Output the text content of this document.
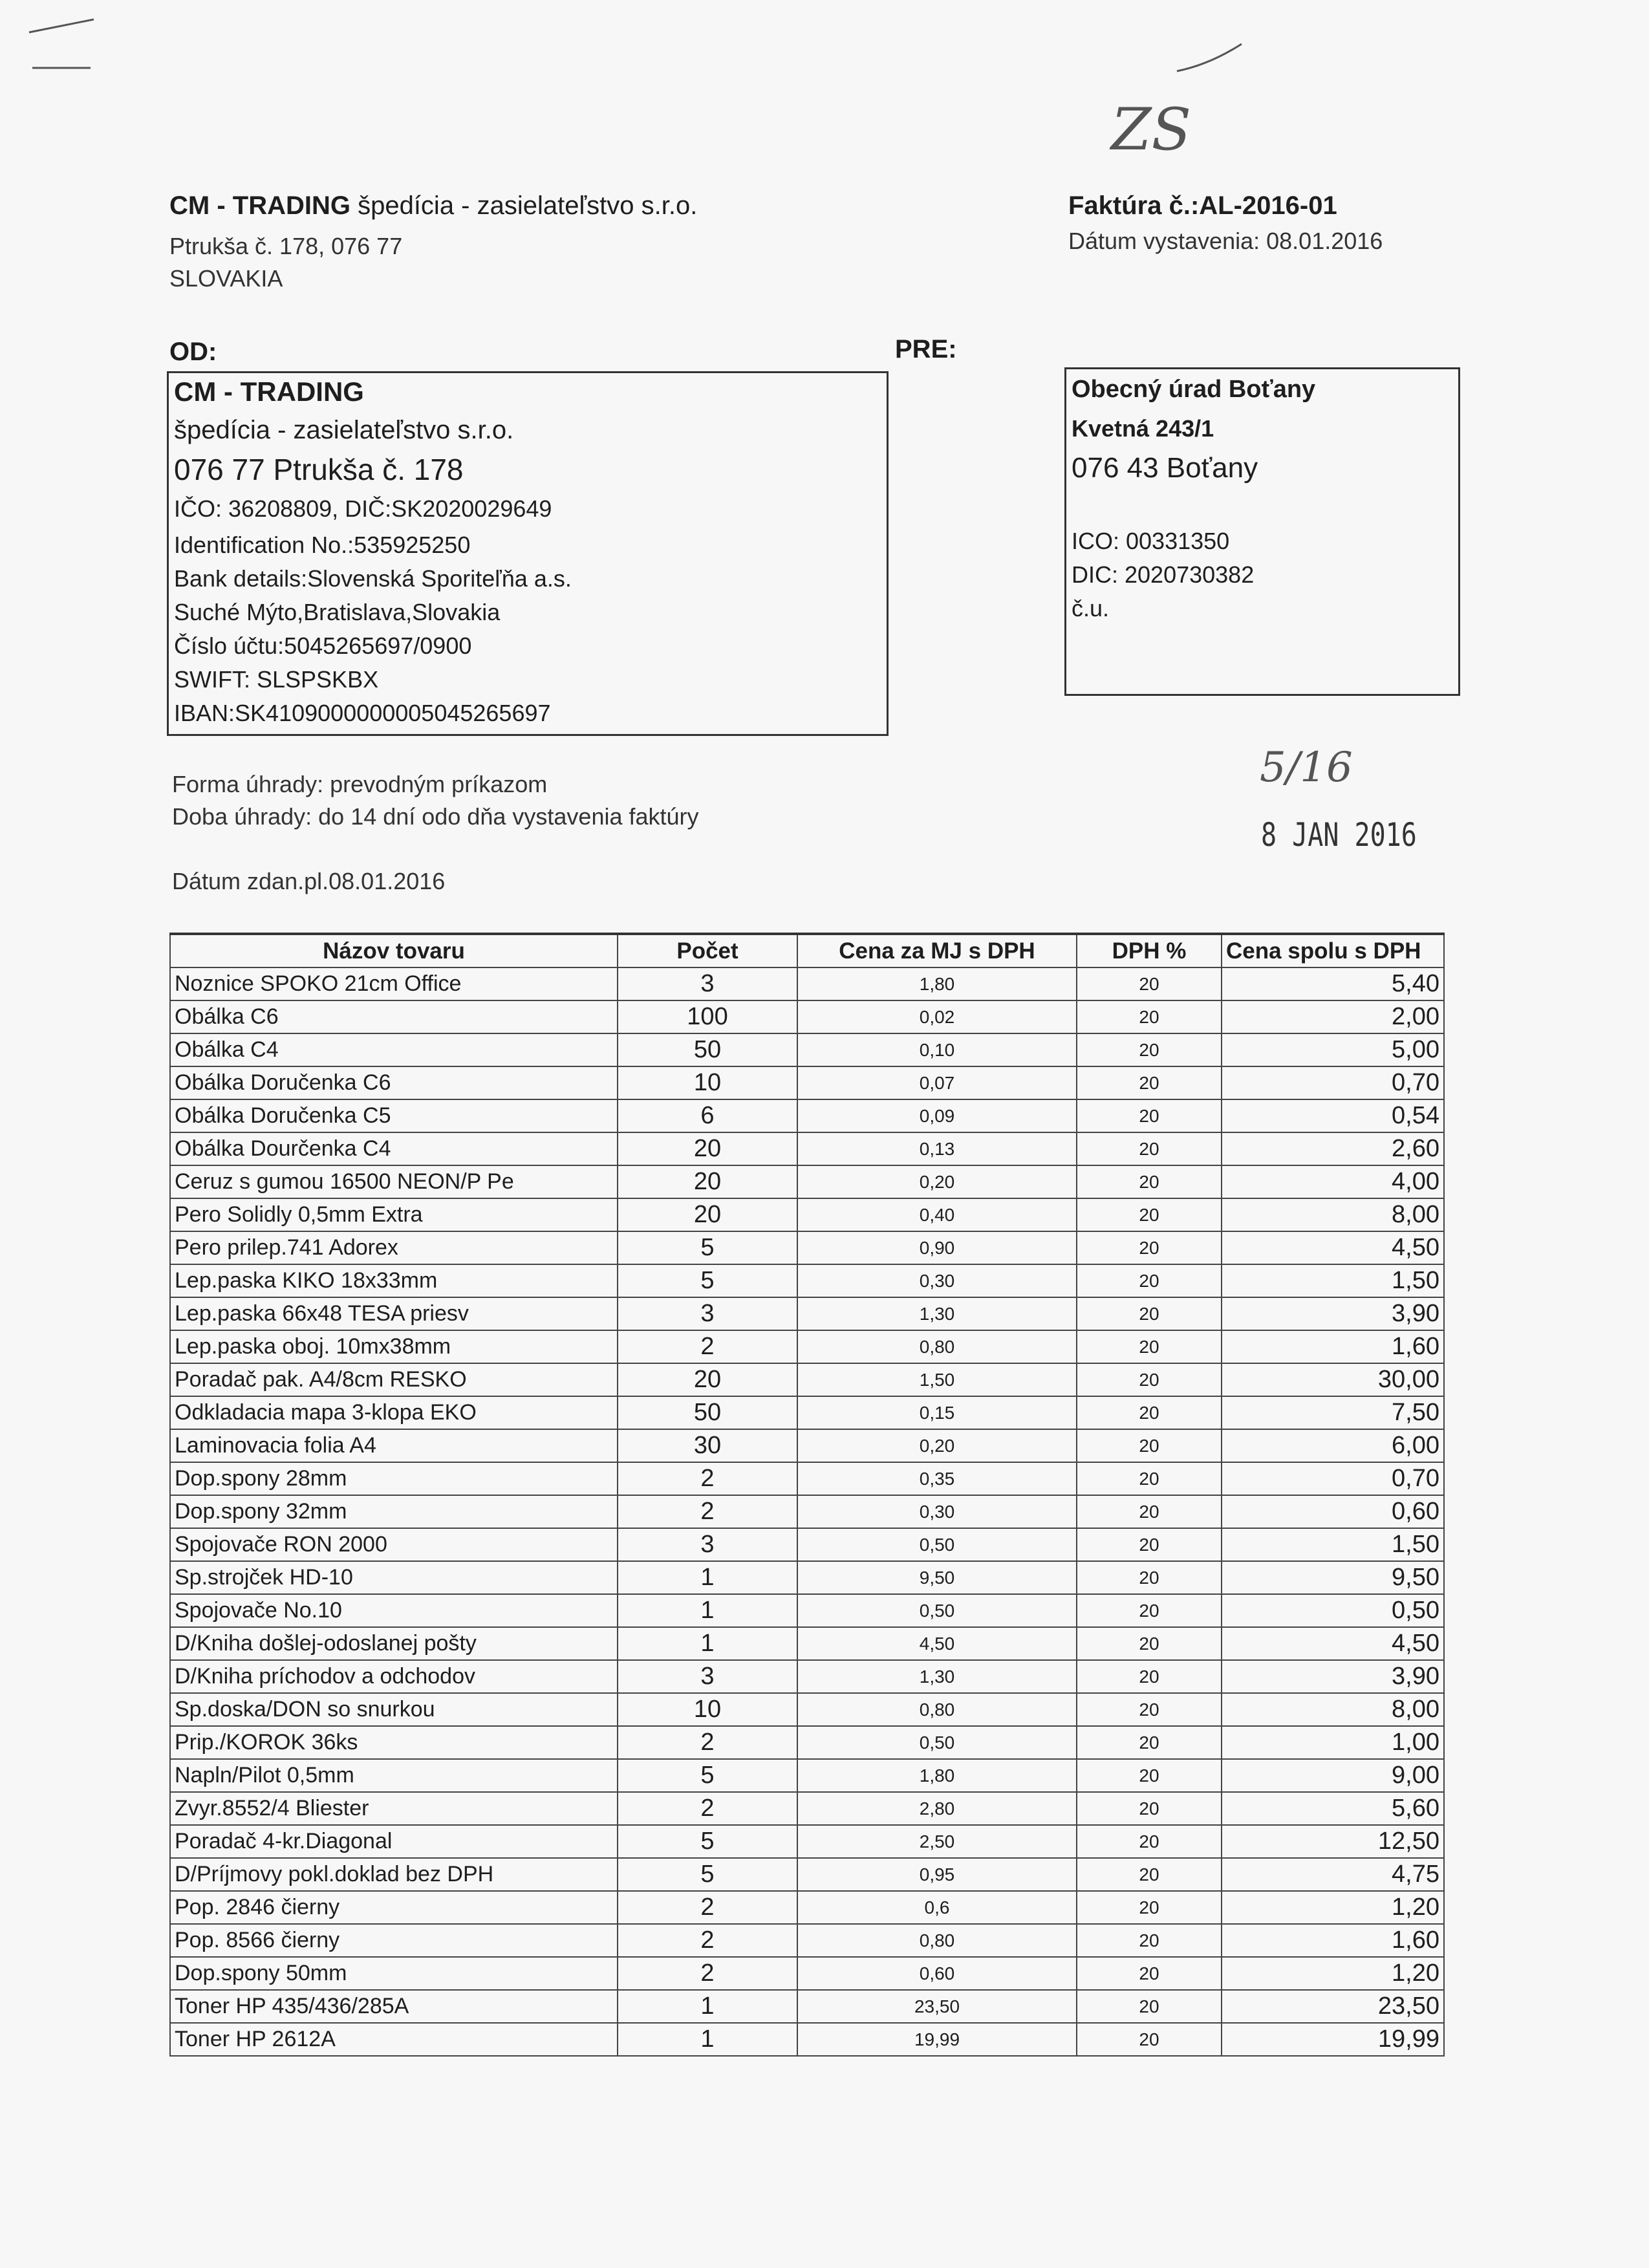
ZS
CM - TRADING špedícia - zasielateľstvo s.r.o.
Ptrukša č. 178, 076 77
SLOVAKIA
Faktúra č.:AL-2016-01
Dátum vystavenia: 08.01.2016
OD:	PRE:
CM - TRADING
špedícia - zasielateľstvo s.r.o.
076 77 Ptrukša č. 178
IČO: 36208809, DIČ:SK2020029649
Identification No.:535925250
Bank details:Slovenská Sporiteľňa a.s.
Suché Mýto,Bratislava,Slovakia
Číslo účtu:5045265697/0900
SWIFT: SLSPSKBX
IBAN:SK4109000000005045265697
Obecný úrad Boťany
Kvetná 243/1
076 43 Boťany
ICO: 00331350
DIC: 2020730382
č.u.
5/16
8 JAN 2016
Forma úhrady: prevodným príkazom
Doba úhrady: do 14 dní odo dňa vystavenia faktúry
Dátum zdan.pl.08.01.2016
Názov tovaru	Počet	Cena za MJ s DPH	DPH %	Cena spolu s DPH
Noznice SPOKO 21cm Office	3	1,80	20	5,40
Obálka C6	100	0,02	20	2,00
Obálka C4	50	0,10	20	5,00
Obálka Doručenka C6	10	0,07	20	0,70
Obálka Doručenka C5	6	0,09	20	0,54
Obálka Dourčenka C4	20	0,13	20	2,60
Ceruz s gumou 16500 NEON/P Pe	20	0,20	20	4,00
Pero Solidly 0,5mm Extra	20	0,40	20	8,00
Pero prilep.741 Adorex	5	0,90	20	4,50
Lep.paska KIKO 18x33mm	5	0,30	20	1,50
Lep.paska 66x48 TESA priesv	3	1,30	20	3,90
Lep.paska oboj. 10mx38mm	2	0,80	20	1,60
Poradač pak. A4/8cm RESKO	20	1,50	20	30,00
Odkladacia mapa 3-klopa EKO	50	0,15	20	7,50
Laminovacia folia A4	30	0,20	20	6,00
Dop.spony 28mm	2	0,35	20	0,70
Dop.spony 32mm	2	0,30	20	0,60
Spojovače RON 2000	3	0,50	20	1,50
Sp.strojček HD-10	1	9,50	20	9,50
Spojovače No.10	1	0,50	20	0,50
D/Kniha došlej-odoslanej pošty	1	4,50	20	4,50
D/Kniha príchodov a odchodov	3	1,30	20	3,90
Sp.doska/DON so snurkou	10	0,80	20	8,00
Prip./KOROK 36ks	2	0,50	20	1,00
Napln/Pilot 0,5mm	5	1,80	20	9,00
Zvyr.8552/4 Bliester	2	2,80	20	5,60
Poradač 4-kr.Diagonal	5	2,50	20	12,50
D/Príjmovy pokl.doklad bez DPH	5	0,95	20	4,75
Pop. 2846 čierny	2	0,6	20	1,20
Pop. 8566 čierny	2	0,80	20	1,60
Dop.spony 50mm	2	0,60	20	1,20
Toner HP 435/436/285A	1	23,50	20	23,50
Toner HP 2612A	1	19,99	20	19,99
